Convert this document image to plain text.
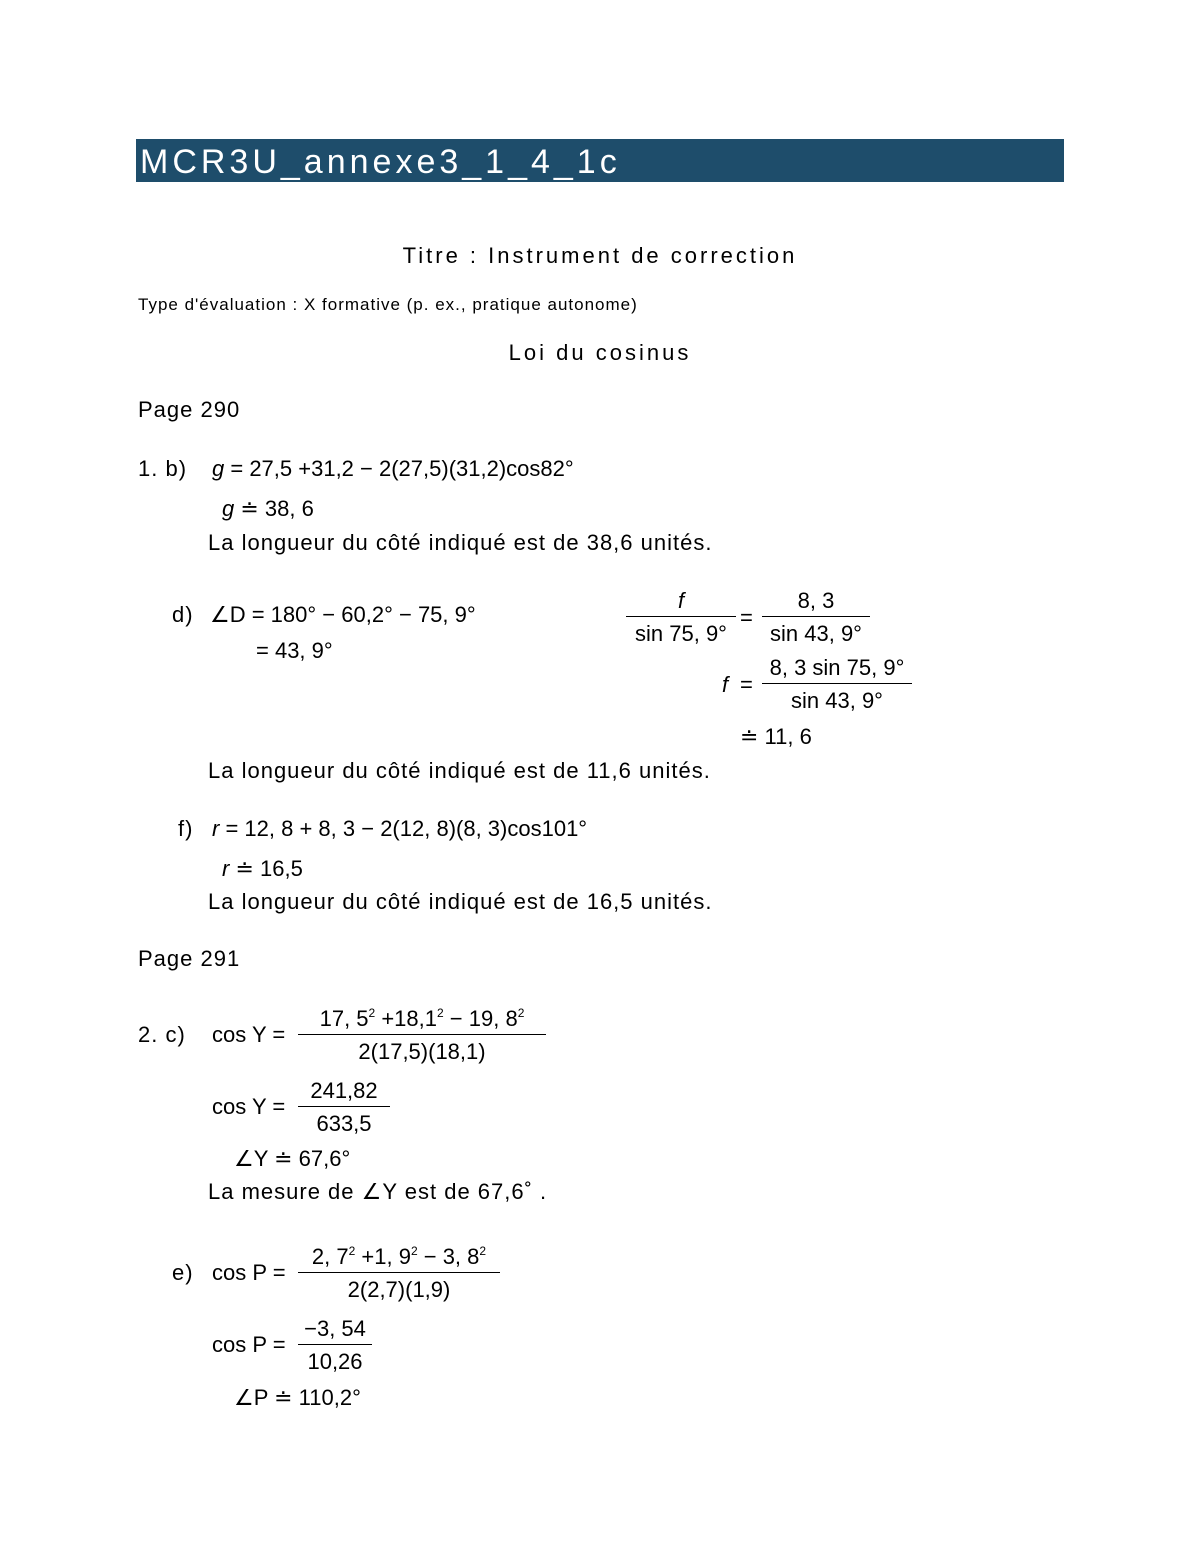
MCR3U_annexe3_1_4_1c
Titre : Instrument de correction
Type d'évaluation : X formative (p. ex., pratique autonome)
Loi du cosinus
Page 290
1. b) g = 27,5 +31,2 − 2(27,5)(31,2)cos82°
g ≐ 38, 6
La longueur du côté indiqué est de 38,6 unités.
d) ∠D = 180° − 60,2° − 75, 9°
= 43, 9°
f
sin 75, 9°
=
8, 3
sin 43, 9°
f =
8, 3 sin 75, 9°
sin 43, 9°
≐ 11, 6
La longueur du côté indiqué est de 11,6 unités.
f) r = 12, 8 + 8, 3 − 2(12, 8)(8, 3)cos101°
r ≐ 16,5
La longueur du côté indiqué est de 16,5 unités.
Page 291
2. c) cos Y =
17, $5^2 +18,1^2 - 19$, $8^2$
2(17,5)(18,1)
cos Y =
241,82
633,5
∠Y ≐ 67,6°
La mesure de ∠Y est de 67,6˚ .
e) cos P =
2, $7^2 +1$, $9^2 - 3$, $8^2$
2(2,7)(1,9)
cos P =
−3, 54
10,26
∠P ≐ 110,2°
